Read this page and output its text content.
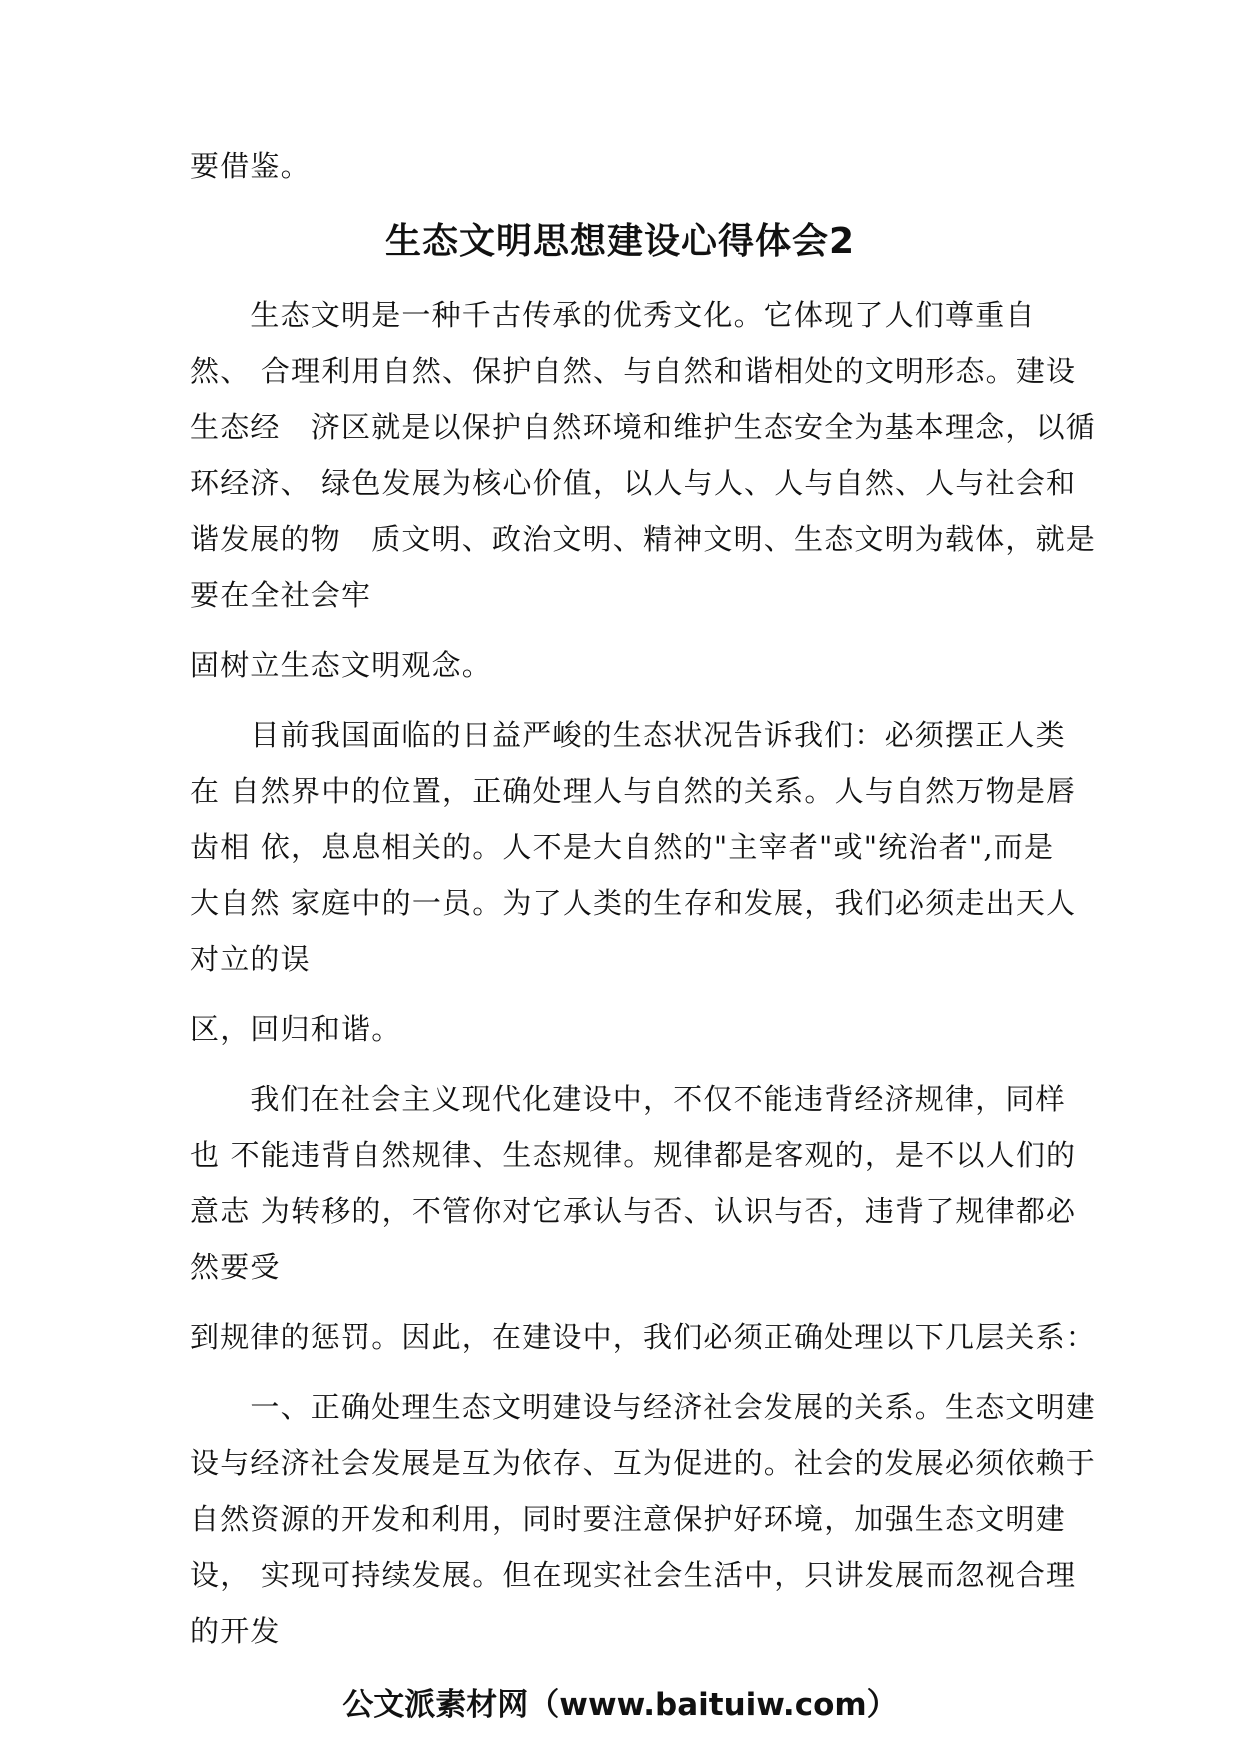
要借鉴。
生态文明思想建设心得体会2
　　生态文明是一种千古传承的优秀文化。它体现了人们尊重自
然、 合理利用自然、保护自然、与自然和谐相处的文明形态。建设
生态经　济区就是以保护自然环境和维护生态安全为基本理念，以循
环经济、 绿色发展为核心价值，以人与人、人与自然、人与社会和
谐发展的物　质文明、政治文明、精神文明、生态文明为载体，就是
要在全社会牢
固树立生态文明观念。
　　目前我国面临的日益严峻的生态状况告诉我们：必须摆正人类
在 自然界中的位置，正确处理人与自然的关系。人与自然万物是唇
齿相 依，息息相关的。人不是大自然的"主宰者"或"统治者",而是
大自然 家庭中的一员。为了人类的生存和发展，我们必须走出天人
对立的误
区，回归和谐。
　　我们在社会主义现代化建设中，不仅不能违背经济规律，同样
也 不能违背自然规律、生态规律。规律都是客观的，是不以人们的
意志 为转移的，不管你对它承认与否、认识与否，违背了规律都必
然要受
到规律的惩罚。因此，在建设中，我们必须正确处理以下几层关系：
　　一、正确处理生态文明建设与经济社会发展的关系。生态文明建
设与经济社会发展是互为依存、互为促进的。社会的发展必须依赖于
自然资源的开发和利用，同时要注意保护好环境，加强生态文明建
设， 实现可持续发展。但在现实社会生活中，只讲发展而忽视合理
的开发
公文派素材网（www.baituiw.com）
